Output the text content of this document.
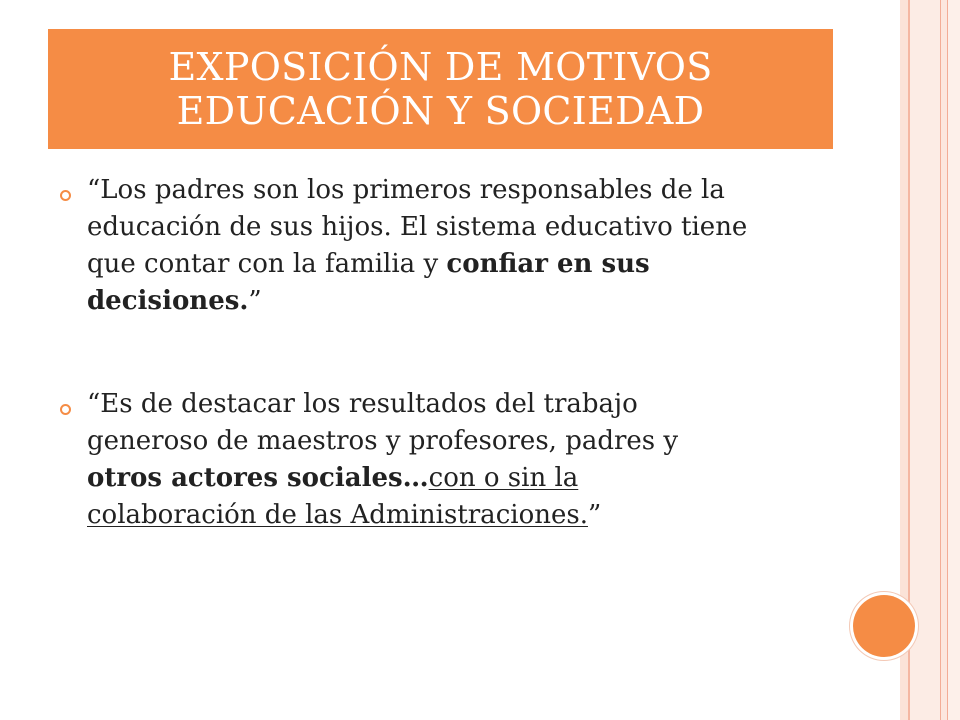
EXPOSICIÓN DE MOTIVOS
EDUCACIÓN Y SOCIEDAD

“Los padres son los primeros responsables de la educación de sus hijos. El sistema educativo tiene que contar con la familia y confiar en sus decisiones.”

“Es de destacar los resultados del trabajo generoso de maestros y profesores, padres y otros actores sociales…con o sin la colaboración de las Administraciones.”
